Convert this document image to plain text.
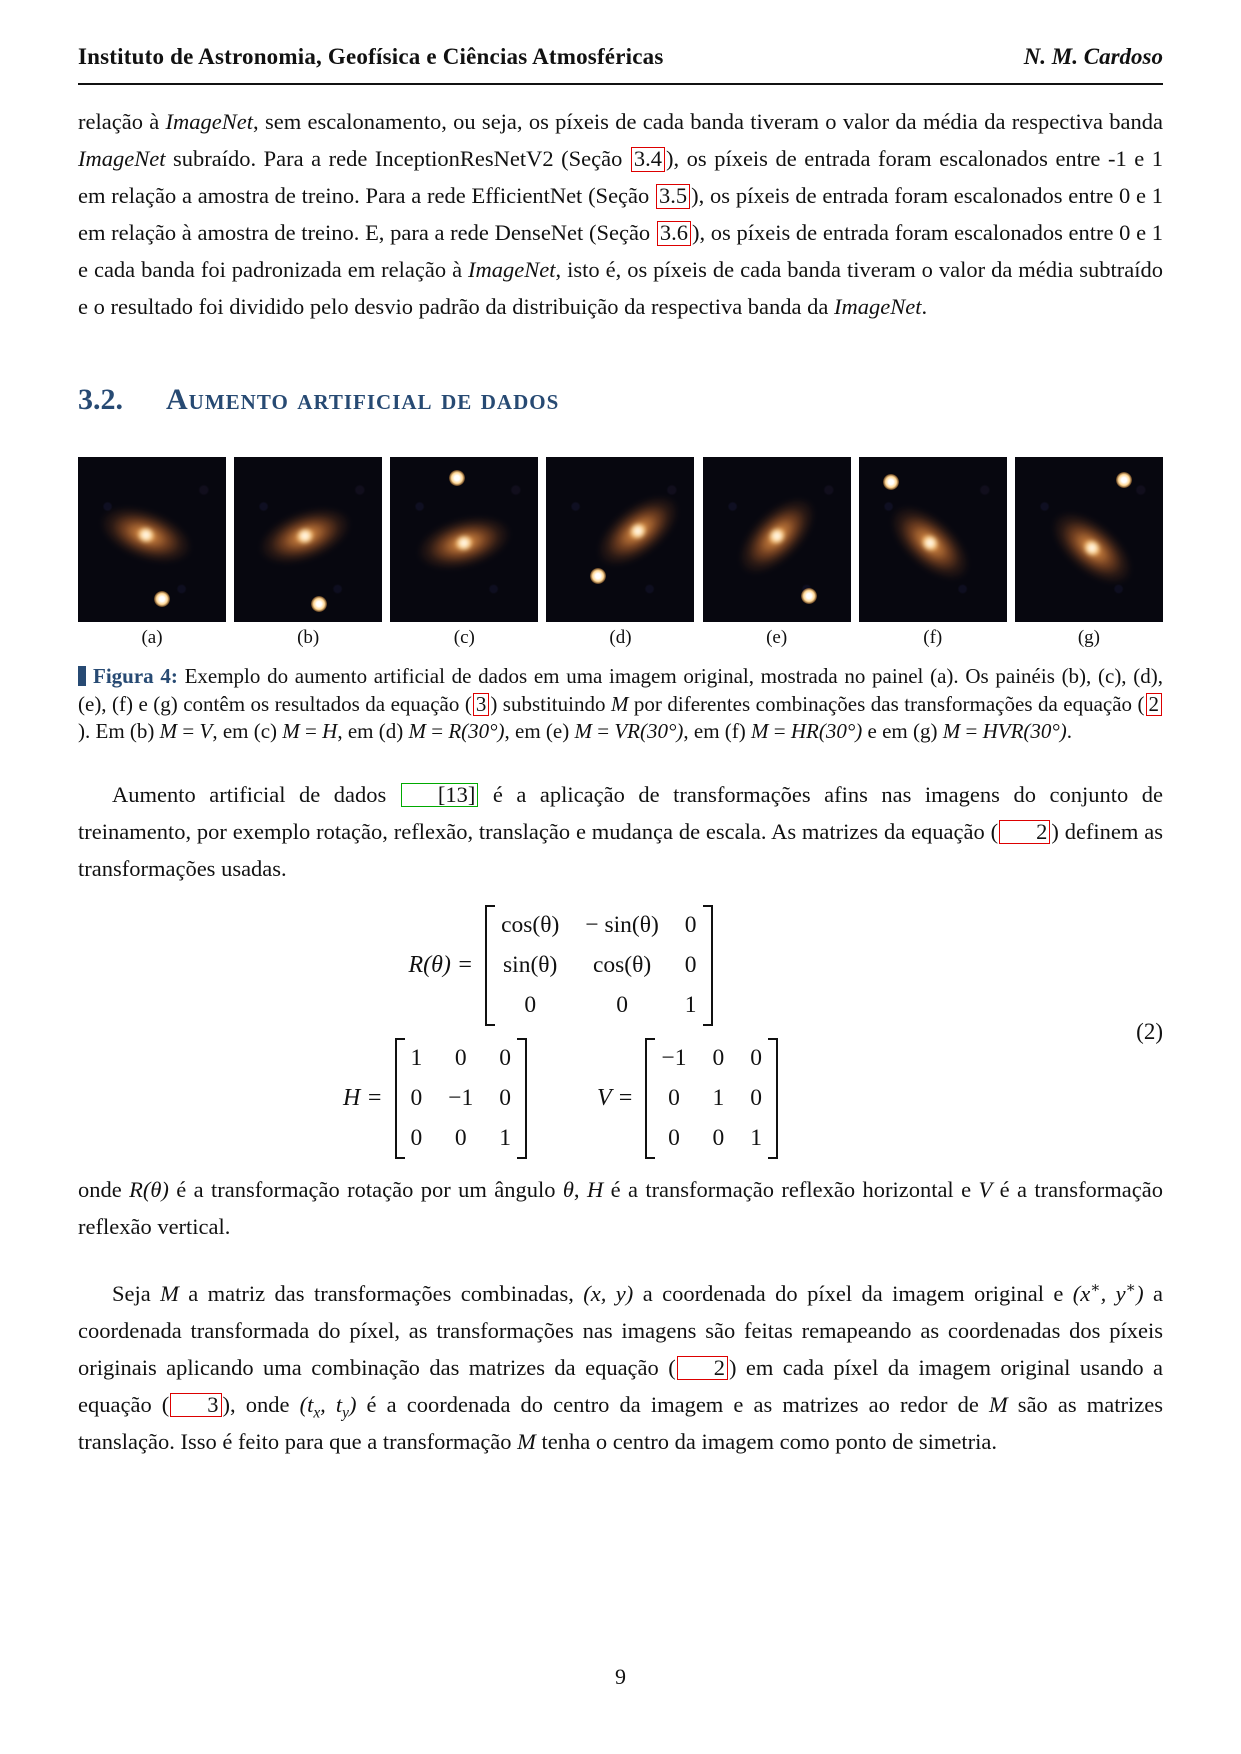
Instituto de Astronomia, Geofísica e Ciências Atmosféricas	N. M. Cardoso

relação à ImageNet, sem escalonamento, ou seja, os píxeis de cada banda tiveram o valor da média da respectiva banda ImageNet subraído. Para a rede InceptionResNetV2 (Seção 3.4 ), os píxeis de entrada foram escalonados entre -1 e 1 em relação a amostra de treino. Para a rede EfficientNet (Seção 3.5 ), os píxeis de entrada foram escalonados entre 0 e 1 em relação à amostra de treino. E, para a rede DenseNet (Seção 3.6 ), os píxeis de entrada foram escalonados entre 0 e 1 e cada banda foi padronizada em relação à ImageNet, isto é, os píxeis de cada banda tiveram o valor da média subtraído e o resultado foi dividido pelo desvio padrão da distribuição da respectiva banda da ImageNet.

3.2.	Aumento artificial de dados
(a)	(b)	(c)	(d)	(e)	(f)	(g)
Figura 4: Exemplo do aumento artificial de dados em uma imagem original, mostrada no painel (a). Os painéis (b), (c), (d), (e), (f) e (g) contêm os resultados da equação ( 3 ) substituindo M por diferentes combinações das transformações da equação ( 2). Em (b) M = V, em (c) M = H, em (d) M = R(30°), em (e) M = VR(30°), em (f) M = HR(30°) e em (g) M = HVR(30°).

Aumento artificial de dados [13] é a aplicação de transformações afins nas imagens do conjunto de treinamento, por exemplo rotação, reflexão, translação e mudança de escala. As matrizes da equação ( 2 ) definem as transformações usadas.

R(θ) =
cos(θ) − sin(θ) 0
sin(θ) cos(θ) 0
0	0 1
H =
1 0 0
0 −1 0
0 0 1
V =
−1 0 0
0 1 0
0 0 1
(2)

onde R(θ) é a transformação rotação por um ângulo θ, H é a transformação reflexão horizontal e V é a transformação reflexão vertical.

Seja M a matriz das transformações combinadas, (x, y) a coordenada do píxel da imagem original e (x∗, y∗) a coordenada transformada do píxel, as transformações nas imagens são feitas remapeando as coordenadas dos píxeis originais aplicando uma combinação das matrizes da equação ( 2 ) em cada píxel da imagem original usando a equação ( 3 ), onde ($t_x$, $t_y$) é a coordenada do centro da imagem e as matrizes ao redor de M são as matrizes translação. Isso é feito para que a transformação M tenha o centro da imagem como ponto de simetria.

9
